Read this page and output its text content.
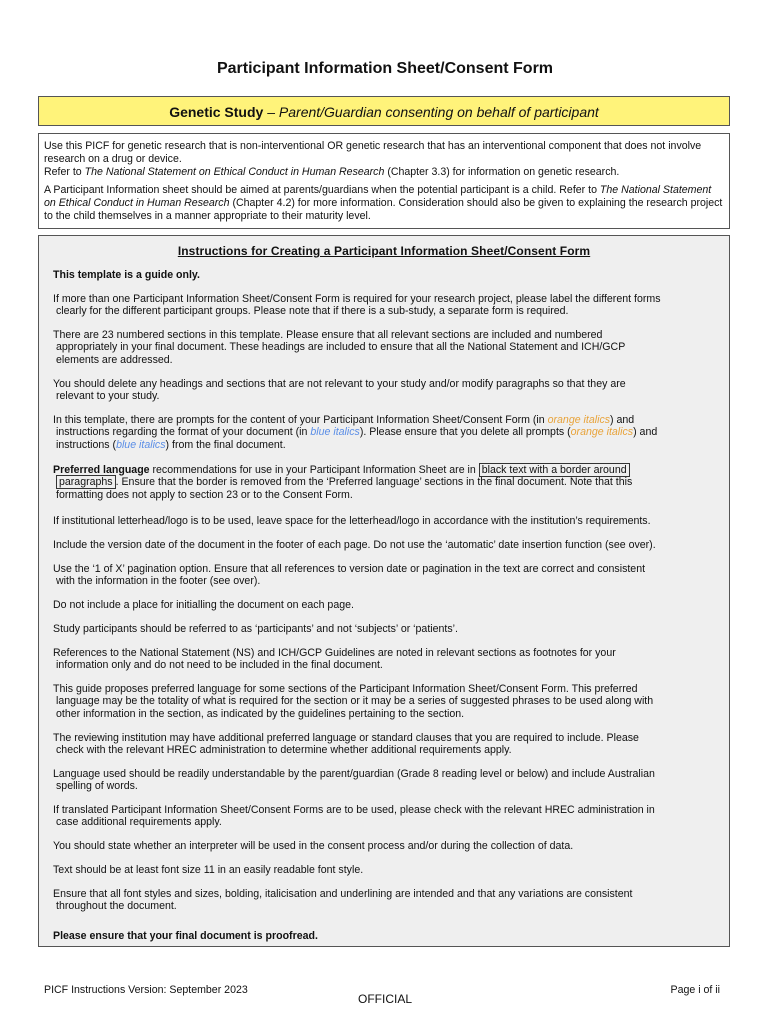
Participant Information Sheet/Consent Form
Genetic Study – Parent/Guardian consenting on behalf of participant

Use this PICF for genetic research that is non-interventional OR genetic research that has an interventional component that does not involve research on a drug or device.
Refer to The National Statement on Ethical Conduct in Human Research (Chapter 3.3) for information on genetic research.

A Participant Information sheet should be aimed at parents/guardians when the potential participant is a child. Refer to The National Statement on Ethical Conduct in Human Research (Chapter 4.2) for more information. Consideration should also be given to explaining the research project to the child themselves in a manner appropriate to their maturity level.

Instructions for Creating a Participant Information Sheet/Consent Form
This template is a guide only.
If more than one Participant Information Sheet/Consent Form is required for your research project, please label the different forms
clearly for the different participant groups. Please note that if there is a sub-study, a separate form is required.
There are 23 numbered sections in this template. Please ensure that all relevant sections are included and numbered
appropriately in your final document. These headings are included to ensure that all the National Statement and ICH/GCP
elements are addressed.
You should delete any headings and sections that are not relevant to your study and/or modify paragraphs so that they are
relevant to your study.
In this template, there are prompts for the content of your Participant Information Sheet/Consent Form (in orange italics) and
instructions regarding the format of your document (in blue italics). Please ensure that you delete all prompts (orange italics) and
instructions (blue italics) from the final document.
Preferred language recommendations for use in your Participant Information Sheet are in black text with a border around
paragraphs . Ensure that the border is removed from the ‘Preferred language’ sections in the final document. Note that this
formatting does not apply to section 23 or to the Consent Form.
If institutional letterhead/logo is to be used, leave space for the letterhead/logo in accordance with the institution’s requirements.
Include the version date of the document in the footer of each page. Do not use the ‘automatic’ date insertion function (see over).
Use the ‘1 of X’ pagination option. Ensure that all references to version date or pagination in the text are correct and consistent
with the information in the footer (see over).
Do not include a place for initialling the document on each page.
Study participants should be referred to as ‘participants’ and not ‘subjects’ or ‘patients’.
References to the National Statement (NS) and ICH/GCP Guidelines are noted in relevant sections as footnotes for your
information only and do not need to be included in the final document.
This guide proposes preferred language for some sections of the Participant Information Sheet/Consent Form. This preferred
language may be the totality of what is required for the section or it may be a series of suggested phrases to be used along with
other information in the section, as indicated by the guidelines pertaining to the section.
The reviewing institution may have additional preferred language or standard clauses that you are required to include. Please
check with the relevant HREC administration to determine whether additional requirements apply.
Language used should be readily understandable by the parent/guardian (Grade 8 reading level or below) and include Australian
spelling of words.
If translated Participant Information Sheet/Consent Forms are to be used, please check with the relevant HREC administration in
case additional requirements apply.
You should state whether an interpreter will be used in the consent process and/or during the collection of data.
Text should be at least font size 11 in an easily readable font style.
Ensure that all font styles and sizes, bolding, italicisation and underlining are intended and that any variations are consistent
throughout the document.
Please ensure that your final document is proofread.
PICF Instructions Version: September 2023	Page i of ii
OFFICIAL
